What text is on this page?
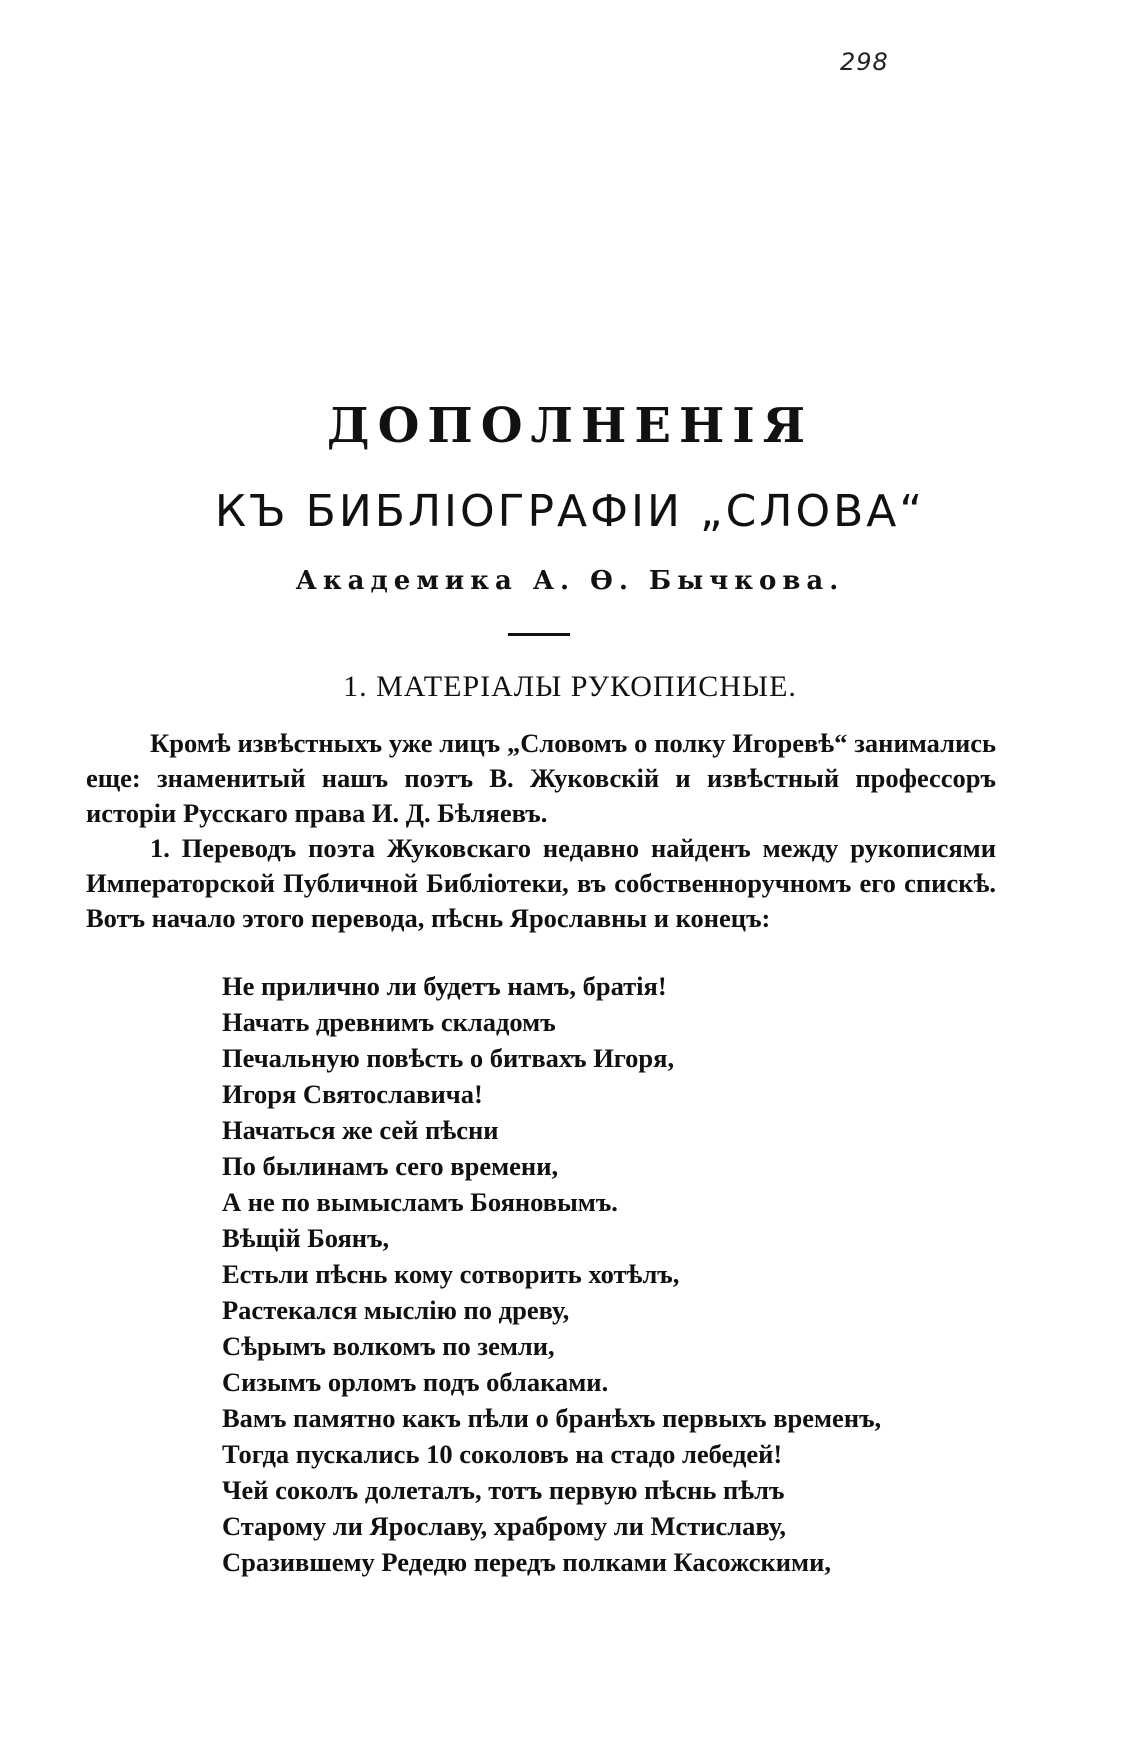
298
ДОПОЛНЕНІЯ
КЪ БИБЛІОГРАФІИ „СЛОВА“
Академика А. Ѳ. Бычкова.
1. МАТЕРІАЛЫ РУКОПИСНЫЕ.

Кромѣ извѣстныхъ уже лицъ „Словомъ о полку Игоревѣ“ занимались еще: знаменитый нашъ поэтъ В. Жуковскій и извѣстный профессоръ исторіи Русскаго права И. Д. Бѣляевъ.

1. Переводъ поэта Жуковскаго недавно найденъ между рукописями Императорской Публичной Библіотеки, въ собственноручномъ его спискѣ. Вотъ начало этого перевода, пѣснь Ярославны и конецъ:

Не прилично ли будетъ намъ, братія!
Начать древнимъ складомъ
Печальную повѣсть о битвахъ Игоря,
Игоря Святославича!
Начаться же сей пѣсни
По былинамъ сего времени,
А не по вымысламъ Бояновымъ.
Вѣщій Боянъ,
Естьли пѣснь кому сотворить хотѣлъ,
Растекался мыслію по древу,
Сѣрымъ волкомъ по земли,
Сизымъ орломъ подъ облаками.
Вамъ памятно какъ пѣли о бранѣхъ первыхъ временъ,
Тогда пускались 10 соколовъ на стадо лебедей!
Чей соколъ долеталъ, тотъ первую пѣснь пѣлъ
Старому ли Ярославу, храброму ли Мстиславу,
Сразившему Редедю передъ полками Касожскими,
